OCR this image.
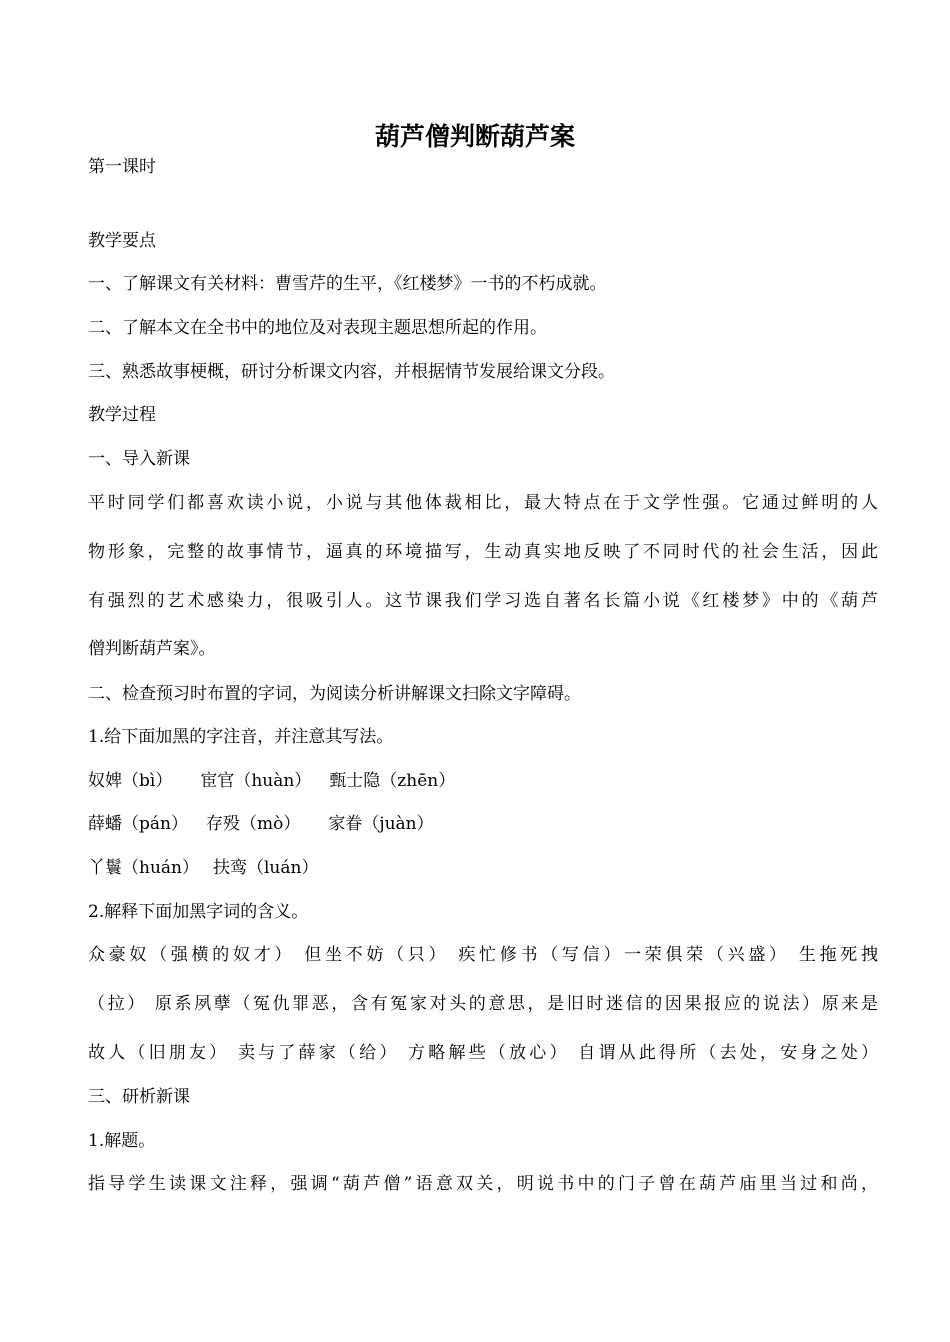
葫芦僧判断葫芦案
第一课时
教学要点
一、了解课文有关材料：曹雪芹的生平，《红楼梦》一书的不朽成就。
二、了解本文在全书中的地位及对表现主题思想所起的作用。
三、熟悉故事梗概，研讨分析课文内容，并根据情节发展给课文分段。
教学过程
一、导入新课
平时同学们都喜欢读小说，小说与其他体裁相比，最大特点在于文学性强。它通过鲜明的人
物形象，完整的故事情节，逼真的环境描写，生动真实地反映了不同时代的社会生活，因此
有强烈的艺术感染力，很吸引人。这节课我们学习选自著名长篇小说《红楼梦》中的《葫芦
僧判断葫芦案》。
二、检查预习时布置的字词，为阅读分析讲解课文扫除文字障碍。
1.给下面加黑的字注音，并注意其写法。
奴婢（bì） 宦官（huàn） 甄士隐（zhēn）
薛蟠（pán） 存殁（mò） 家眷（juàn）
丫鬟（huán） 扶鸾（luán）
2.解释下面加黑字词的含义。
众豪奴（强横的奴才） 但坐不妨（只） 疾忙修书（写信）一荣俱荣（兴盛） 生拖死拽
（拉） 原系夙孽（冤仇罪恶，含有冤家对头的意思，是旧时迷信的因果报应的说法）原来是
故人（旧朋友） 卖与了薛家（给） 方略解些（放心） 自谓从此得所（去处，安身之处）
三、研析新课
1.解题。
指导学生读课文注释，强调“葫芦僧”语意双关，明说书中的门子曾在葫芦庙里当过和尚，
